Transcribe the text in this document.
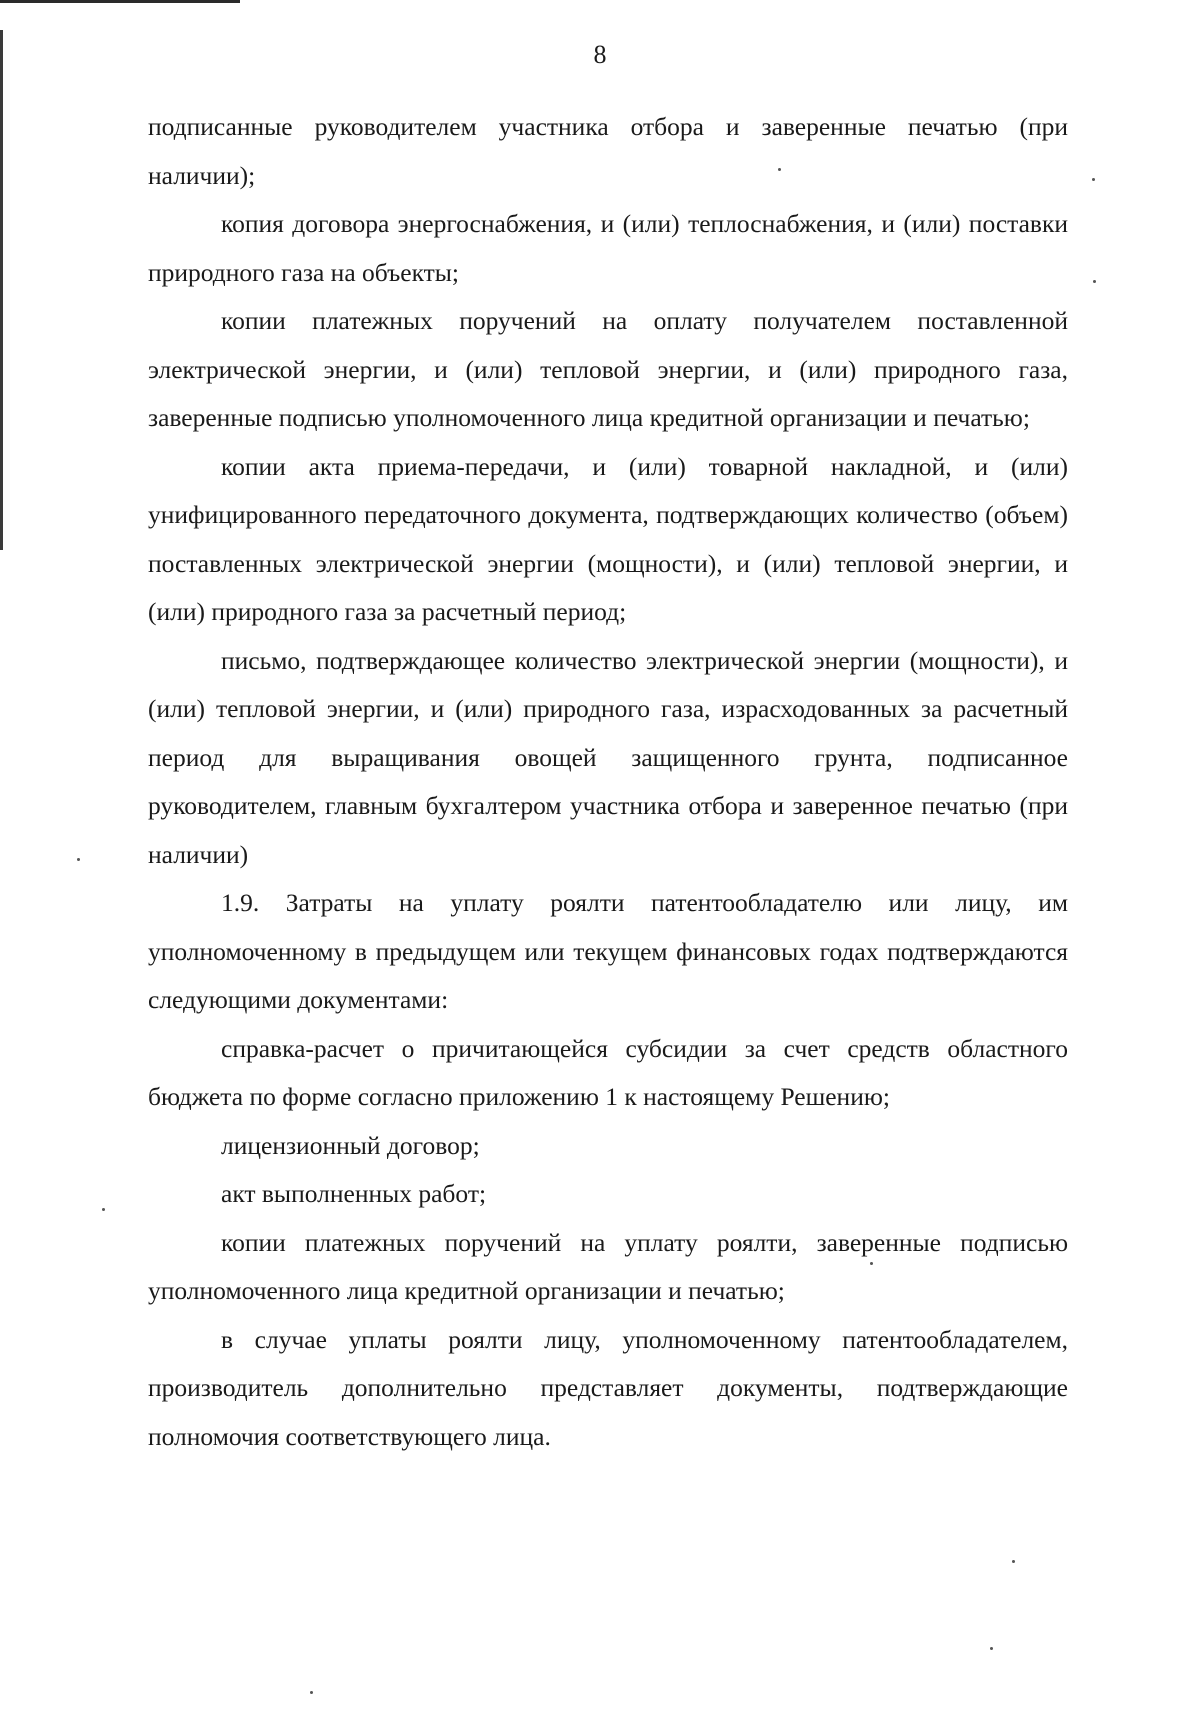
8

подписанные руководителем участника отбора и заверенные печатью (при наличии);

копия договора энергоснабжения, и (или) теплоснабжения, и (или) поставки природного газа на объекты;

копии платежных поручений на оплату получателем поставленной электрической энергии, и (или) тепловой энергии, и (или) природного газа, заверенные подписью уполномоченного лица кредитной организации и печатью;

копии акта приема-передачи, и (или) товарной накладной, и (или) унифицированного передаточного документа, подтверждающих количество (объем) поставленных электрической энергии (мощности), и (или) тепловой энергии, и (или) природного газа за расчетный период;

письмо, подтверждающее количество электрической энергии (мощности), и (или) тепловой энергии, и (или) природного газа, израсходованных за расчетный период для выращивания овощей защищенного грунта, подписанное руководителем, главным бухгалтером участника отбора и заверенное печатью (при наличии)

1.9. Затраты на уплату роялти патентообладателю или лицу, им уполномоченному в предыдущем или текущем финансовых годах подтверждаются следующими документами:

справка-расчет о причитающейся субсидии за счет средств областного бюджета по форме согласно приложению 1 к настоящему Решению;

лицензионный договор;

акт выполненных работ;

копии платежных поручений на уплату роялти, заверенные подписью уполномоченного лица кредитной организации и печатью;

в случае уплаты роялти лицу, уполномоченному патентообладателем, производитель дополнительно представляет документы, подтверждающие полномочия соответствующего лица.
